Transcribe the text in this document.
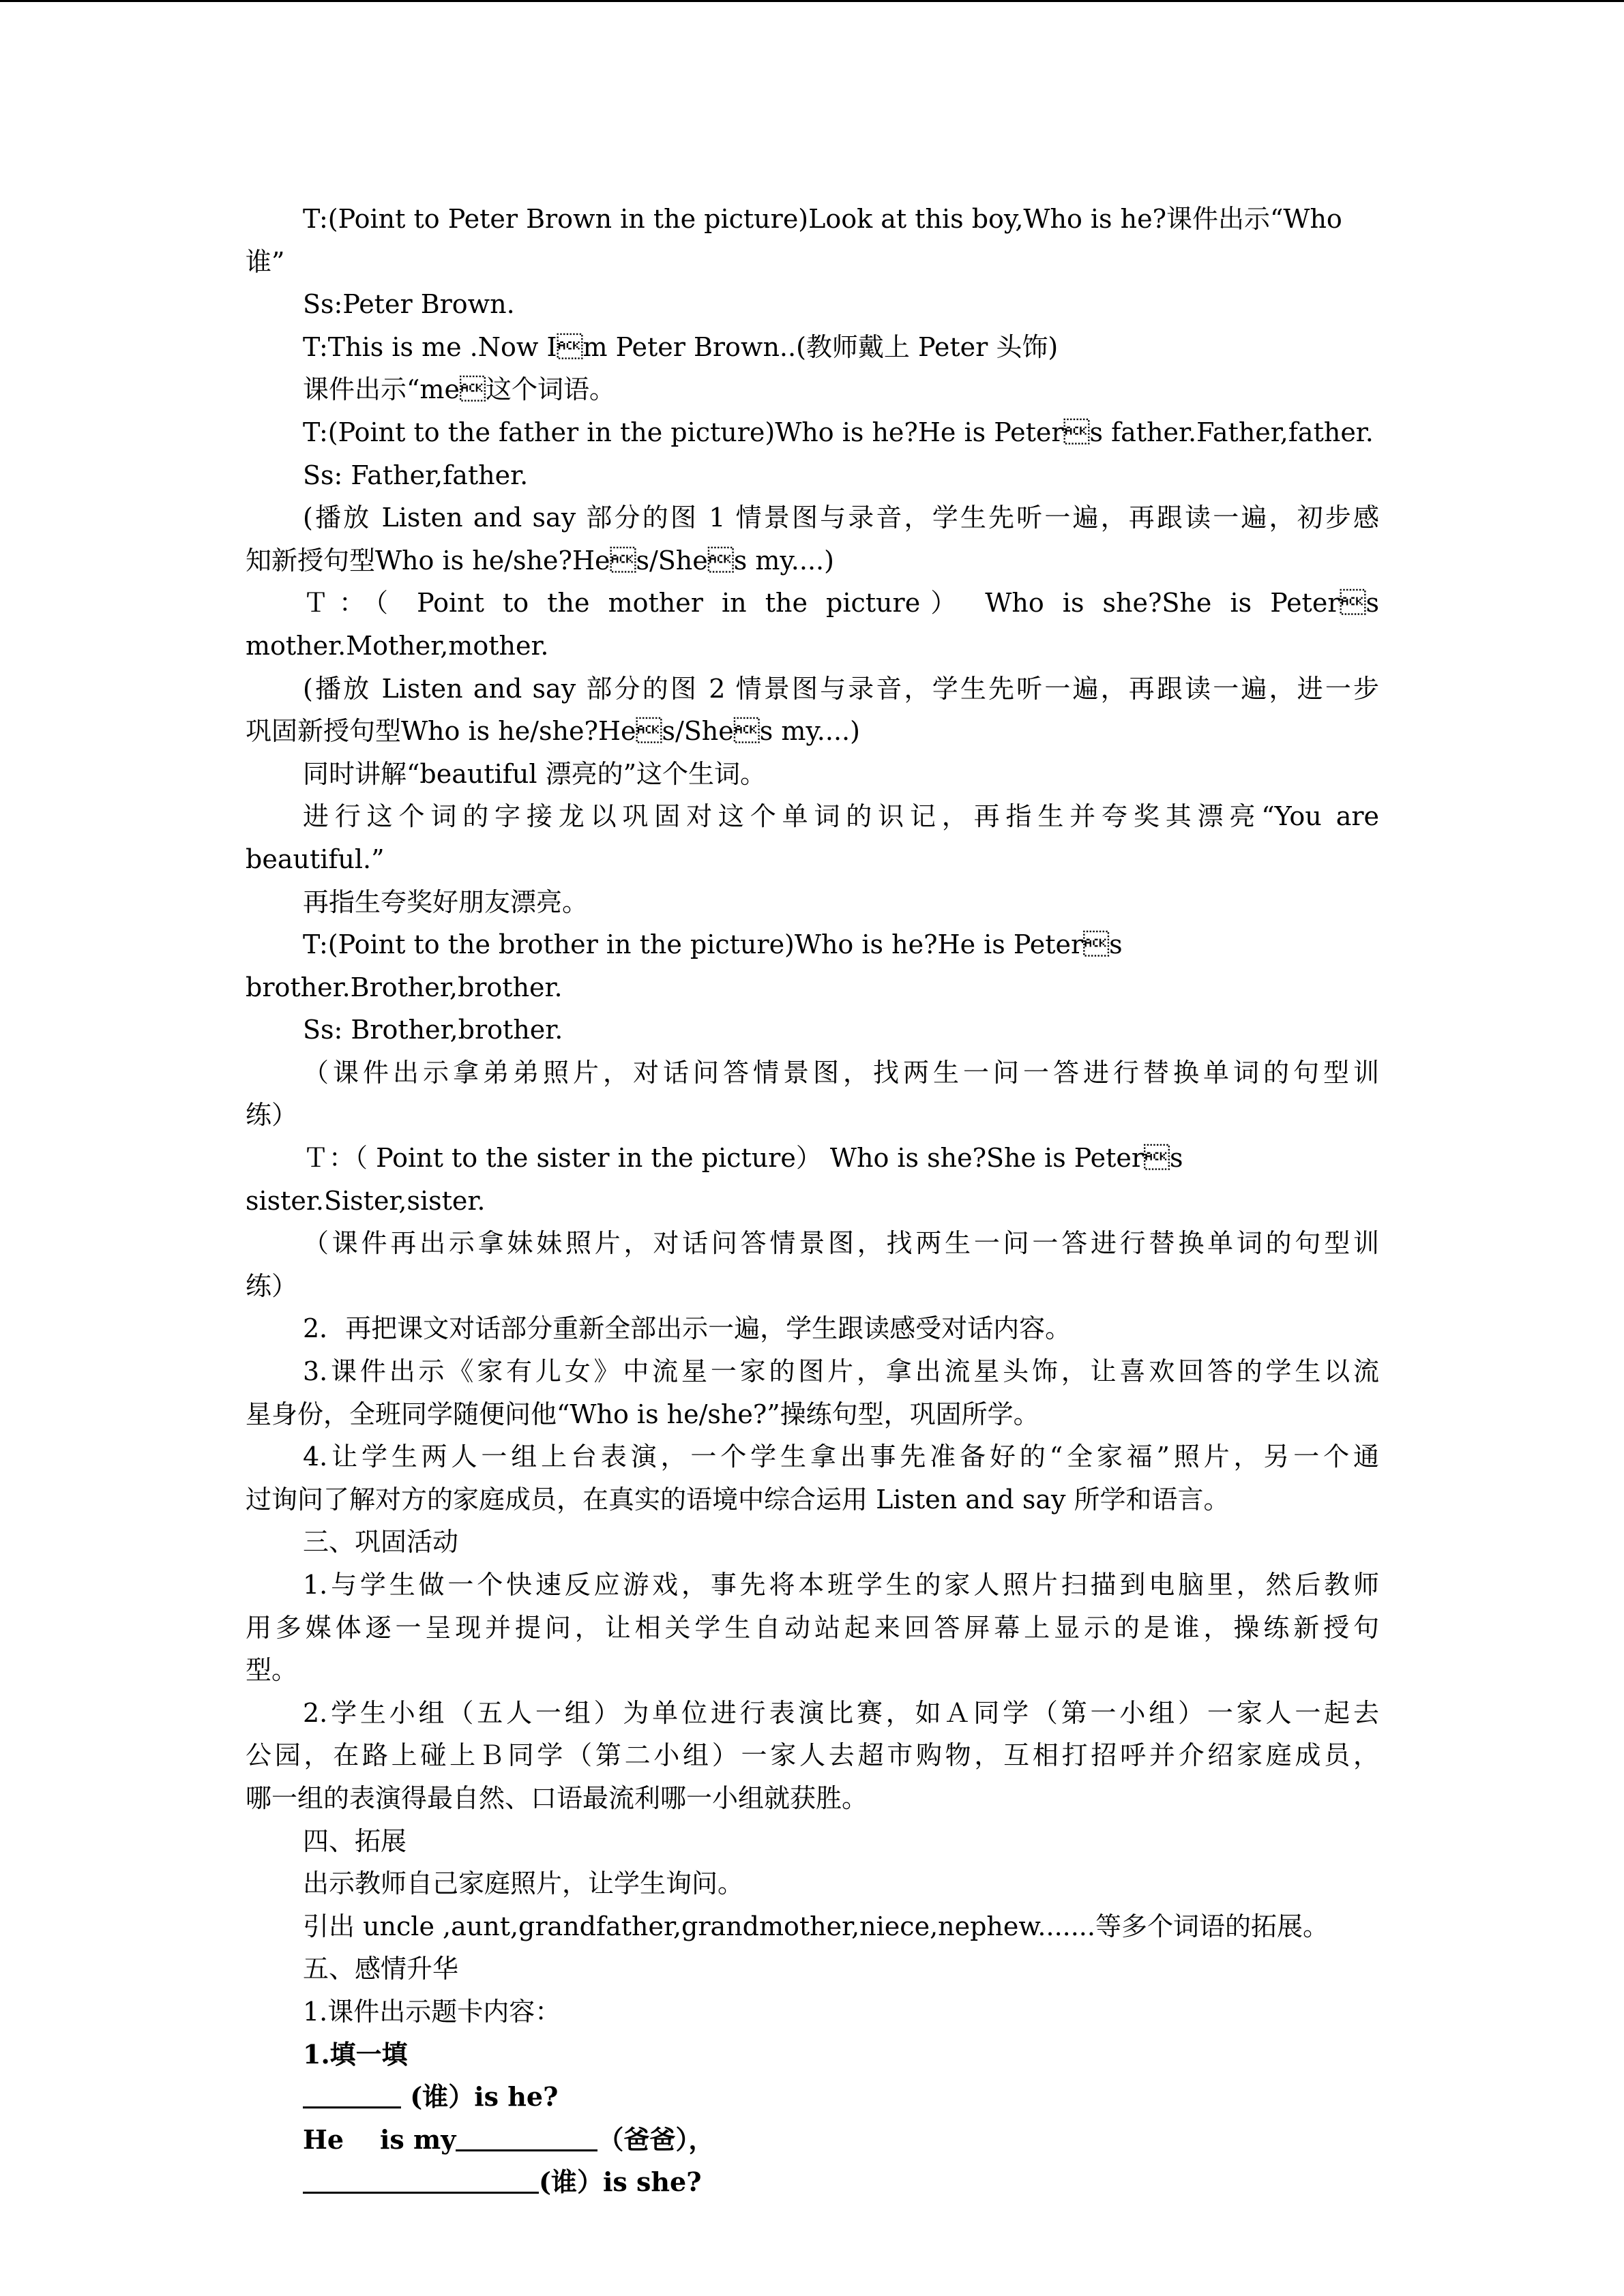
T:(Point to Peter Brown in the picture)Look at this boy,Who is he?课件出示“Who 谁”

Ss:Peter Brown.

T:This is me .Now Im Peter Brown..(教师戴上 Peter 头饰)

课件出示“me这个词语。

T:(Point to the father in the picture)Who is he?He is Peters father.Father,father.

Ss: Father,father.

(播放 Listen and say 部分的图 1 情景图与录音，学生先听一遍，再跟读一遍，初步感

知新授句型Who is he/she?Hes/Shes my....)

Ｔ：（ Point to the mother in the picture） Who is she?She is Peters

mother.Mother,mother.

(播放 Listen and say 部分的图 2 情景图与录音，学生先听一遍，再跟读一遍，进一步

巩固新授句型Who is he/she?Hes/Shes my....)

同时讲解“beautiful 漂亮的”这个生词。

进行这个词的字接龙以巩固对这个单词的识记，再指生并夸奖其漂亮“You are

beautiful.”

再指生夸奖好朋友漂亮。

T:(Point to the brother in the picture)Who is he?He is Peters brother.Brother,brother.

Ss: Brother,brother.

（课件出示拿弟弟照片，对话问答情景图，找两生一问一答进行替换单词的句型训

练）

Ｔ：（ Point to the sister in the picture） Who is she?She is Peters sister.Sister,sister.

（课件再出示拿妹妹照片，对话问答情景图，找两生一问一答进行替换单词的句型训

练）

2．再把课文对话部分重新全部出示一遍，学生跟读感受对话内容。

3.课件出示《家有儿女》中流星一家的图片，拿出流星头饰，让喜欢回答的学生以流

星身份，全班同学随便问他“Who is he/she?”操练句型，巩固所学。

4.让学生两人一组上台表演，一个学生拿出事先准备好的“全家福”照片，另一个通

过询问了解对方的家庭成员，在真实的语境中综合运用 Listen and say 所学和语言。

三、巩固活动

1.与学生做一个快速反应游戏，事先将本班学生的家人照片扫描到电脑里，然后教师

用多媒体逐一呈现并提问，让相关学生自动站起来回答屏幕上显示的是谁，操练新授句

型。

2.学生小组（五人一组）为单位进行表演比赛，如Ａ同学（第一小组）一家人一起去

公园，在路上碰上Ｂ同学（第二小组）一家人去超市购物，互相打招呼并介绍家庭成员，

哪一组的表演得最自然、口语最流利哪一小组就获胜。

四、拓展

出示教师自己家庭照片，让学生询问。

引出 uncle ,aunt,grandfather,grandmother,niece,nephew.......等多个词语的拓展。

五、感情升华

1.课件出示题卡内容：

1.填一填

(谁）is he?

He    is my	（爸爸），

(谁）is she?
